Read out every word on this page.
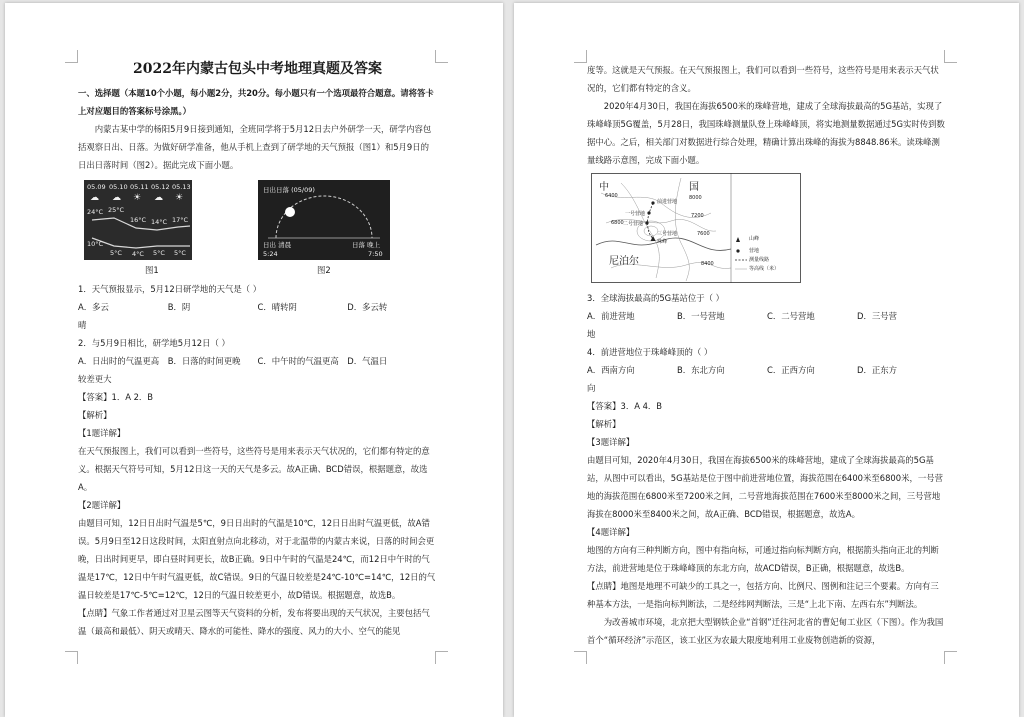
2022年内蒙古包头中考地理真题及答案

一、选择题（本题10个小题，每小题2分，共20分。每小题只有一个选项最符合题意。请将答卡上对应题目的答案标号涂黑。）

内蒙古某中学的杨阳5月9日接到通知，全班同学将于5月12日去户外研学一天，研学内容包括观察日出、日落。为做好研学准备，他从手机上查到了研学地的天气预报（图1）和5月9日的日出日落时间（图2）。据此完成下面小题。

05.09 05.10 05.11 05.12 05.13
☁ ☁ ☀ ☁ ☀
24°C 25°C
16°C 14°C 17°C
10°C
5°C 4°C 5°C 5°C
图1
日出日落 (05/09)
日出 清晨
5:24
日落 晚上
7:50
图2

1．天气预报显示，5月12日研学地的天气是（ ）

A．多云	B．阴	C．晴转阴	D．多云转

晴

2．与5月9日相比，研学地5月12日（ ）

A．日出时的气温更高	B．日落的时间更晚	C．中午时的气温更高	D．气温日

较差更大

【答案】1．A 2．B

【解析】

【1题详解】

在天气预报图上，我们可以看到一些符号，这些符号是用来表示天气状况的，它们都有特定的意义。根据天气符号可知，5月12日这一天的天气是多云。故A正确、BCD错误，根据题意，故选A。

【2题详解】

由题目可知，12日日出时气温是5℃，9日日出时的气温是10℃，12日日出时气温更低，故A错误。5月9日至12日这段时间，太阳直射点向北移动，对于北温带的内蒙古来说，日落的时间会更晚，日出时间更早，即白昼时间更长，故B正确。9日中午时的气温是24℃，而12日中午时的气温是17℃，12日中午时气温更低，故C错误。9日的气温日较差是24℃-10℃=14℃，12日的气温日较差是17℃-5℃=12℃，12日的气温日较差更小，故D错误。根据题意，故选B。

【点睛】气象工作者通过对卫星云图等天气资料的分析，发布将要出现的天气状况，主要包括气温（最高和最低）、阴天或晴天、降水的可能性、降水的强度、风力的大小、空气的能见

度等。这就是天气预报。在天气预报图上，我们可以看到一些符号，这些符号是用来表示天气状况的，它们都有特定的含义。

2020年4月30日，我国在海拔6500米的珠峰营地，建成了全球海拔最高的5G基站，实现了珠峰峰顶5G覆盖，5月28日，我国珠峰测量队登上珠峰峰顶，将实地测量数据通过5G实时传到数据中心。之后，相关部门对数据进行综合处理，精确计算出珠峰的海拔为8848.86米。读珠峰测量线路示意图，完成下面小题。

中	国
尼泊尔
前进营地
一号营地
二号营地
三号营地
珠峰	山峰
营地
测量线路
等高线（米）
6400
6800
7200
7600
8000
8400

3．全球海拔最高的5G基站位于（ ）

A．前进营地	B．一号营地	C．二号营地	D．三号营

地

4．前进营地位于珠峰峰顶的（ ）

A．西南方向	B．东北方向	C．正西方向	D．正东方

向

【答案】3．A 4．B

【解析】

【3题详解】

由题目可知，2020年4月30日，我国在海拔6500米的珠峰营地，建成了全球海拔最高的5G基站，从图中可以看出，5G基站是位于图中前进营地位置，海拔范围在6400米至6800米，一号营地的海拔范围在6800米至7200米之间，二号营地海拔范围在7600米至8000米之间，三号营地海拔在8000米至8400米之间，故A正确、BCD错误，根据题意，故选A。

【4题详解】

地图的方向有三种判断方向，图中有指向标，可通过指向标判断方向，根据箭头指向正北的判断方法，前进营地是位于珠峰峰顶的东北方向，故ACD错误，B正确，根据题意，故选B。

【点睛】地图是地理不可缺少的工具之一，包括方向、比例尺、图例和注记三个要素。方向有三种基本方法，一是指向标判断法，二是经纬网判断法，三是“上北下南、左西右东”判断法。

为改善城市环境，北京把大型钢铁企业“首钢”迁往河北省的曹妃甸工业区（下图）。作为我国首个“循环经济”示范区，该工业区为农最大限度地利用工业废物创造新的资源，
